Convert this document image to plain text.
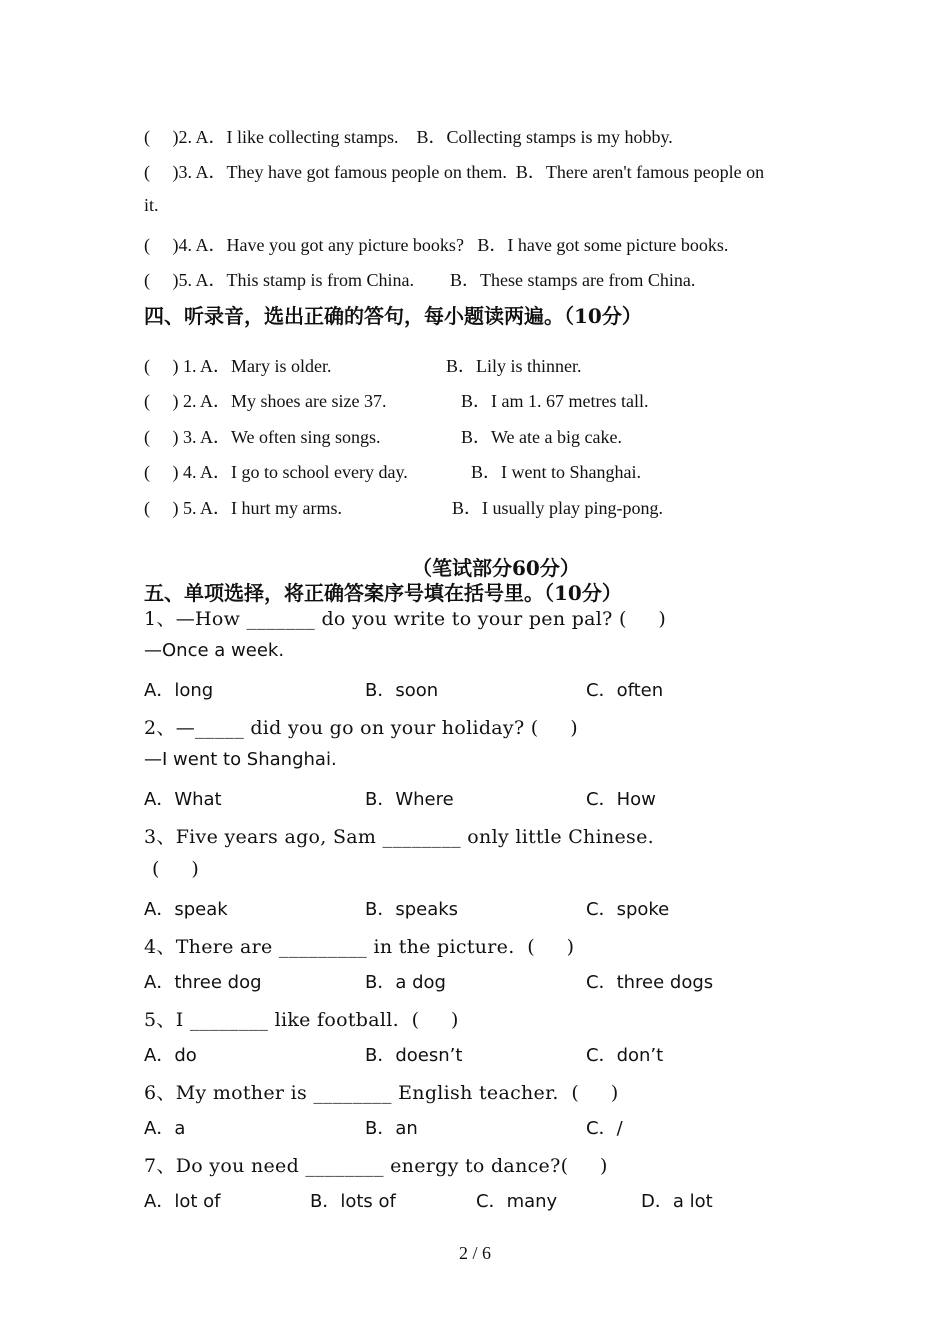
(     )2. A．I like collecting stamps.    B．Collecting stamps is my hobby.
(     )3. A．They have got famous people on them.  B．There aren't famous people on
it.
(     )4. A．Have you got any picture books?   B．I have got some picture books.
(     )5. A．This stamp is from China.        B．These stamps are from China.
四、听录音，选出正确的答句，每小题读两遍。（10分）
(     ) 1. A．Mary is older.	B．Lily is thinner.
(     ) 2. A．My shoes are size 37.	B．I am 1. 67 metres tall.
(     ) 3. A．We often sing songs.	B．We ate a big cake.
(     ) 4. A．I go to school every day.	B．I went to Shanghai.
(     ) 5. A．I hurt my arms.	B．I usually play ping-pong.
（笔试部分60分）
五、单项选择，将正确答案序号填在括号里。（10分）
1、—How _______ do you write to your pen pal? (     )
—Once a week.
A．long	B．soon	C．often
2、—_____ did you go on your holiday? (     )
—I went to Shanghai.
A．What	B．Where	C．How
3、Five years ago, Sam ________ only little Chinese.
(     )
A．speak	B．speaks	C．spoke
4、There are _________ in the picture.  (     )
A．three dog	B．a dog	C．three dogs
5、I ________ like football.  (     )
A．do	B．doesn’t	C．don’t
6、My mother is ________ English teacher.  (     )
A．a	B．an	C．/
7、Do you need ________ energy to dance?(     )
A．lot of	B．lots of	C．many	D．a lot
2 / 6
